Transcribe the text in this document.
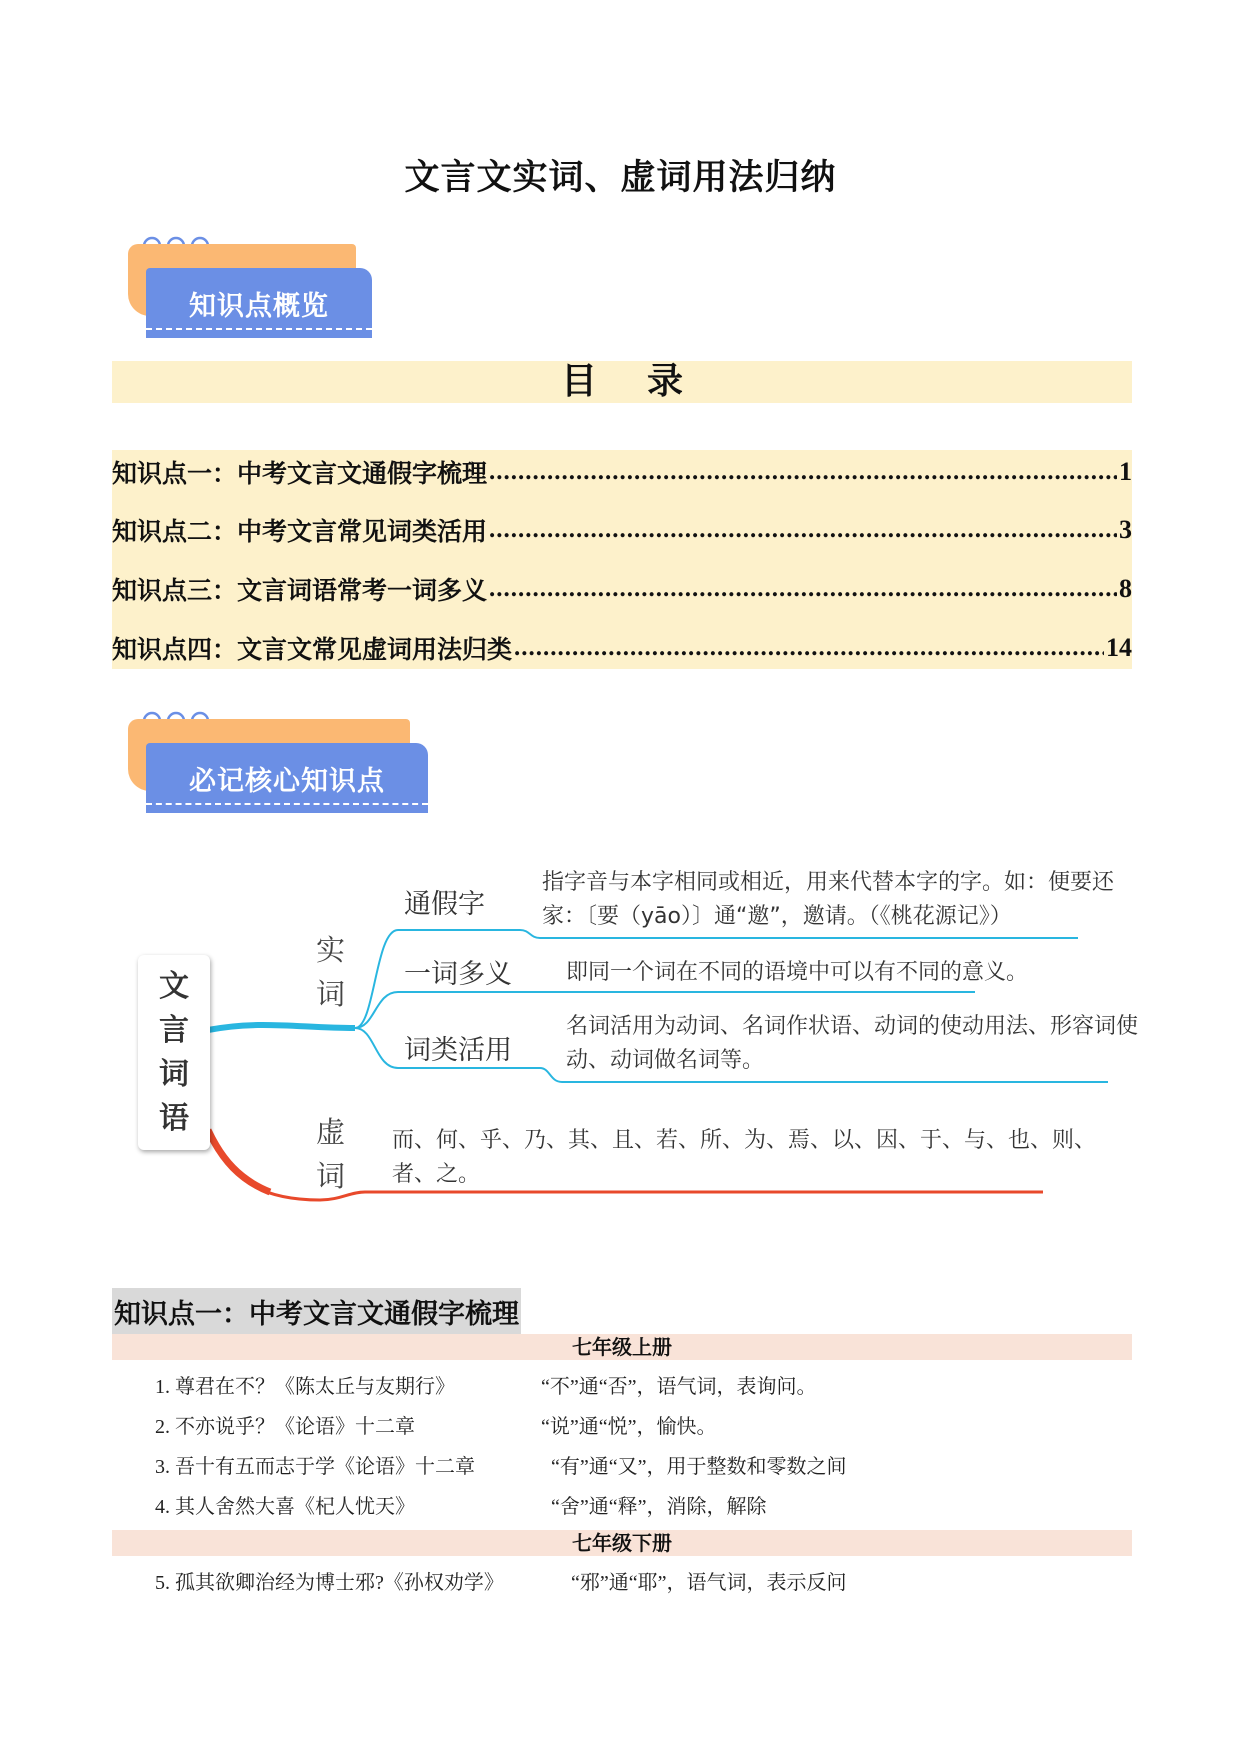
文言文实词、虚词用法归纳
知识点概览
目录
知识点一：中考文言文通假字梳理 .....	1
知识点二：中考文言常见词类活用 .....	3
知识点三：文言词语常考一词多义 .....	8
知识点四：文言文常见虚词用法归类 .....	14
必记核心知识点
文
言
词
语
实
词
通假字
指字音与本字相同或相近，用来代替本字的字。如：便要还
家：〔要（yāo）〕通“邀”，邀请。（《桃花源记》）
一词多义 即同一个词在不同的语境中可以有不同的意义。
词类活用
名词活用为动词、名词作状语、动词的使动用法、形容词使
动、动词做名词等。
虚
词
而、何、乎、乃、其、且、若、所、为、焉、以、因、于、与、也、则、
者、之。
知识点一：中考文言文通假字梳理
七年级上册
1. 尊君在不？《陈太丘与友期行》	“不”通“否”，语气词，表询问。
2. 不亦说乎？《论语》十二章	“说”通“悦”，愉快。
3. 吾十有五而志于学《论语》十二章	“有”通“又”，用于整数和零数之间
4. 其人舍然大喜《杞人忧天》	“舍”通“释”，消除，解除
七年级下册
5. 孤其欲卿治经为博士邪?《孙权劝学》	“邪”通“耶”，语气词，表示反问
